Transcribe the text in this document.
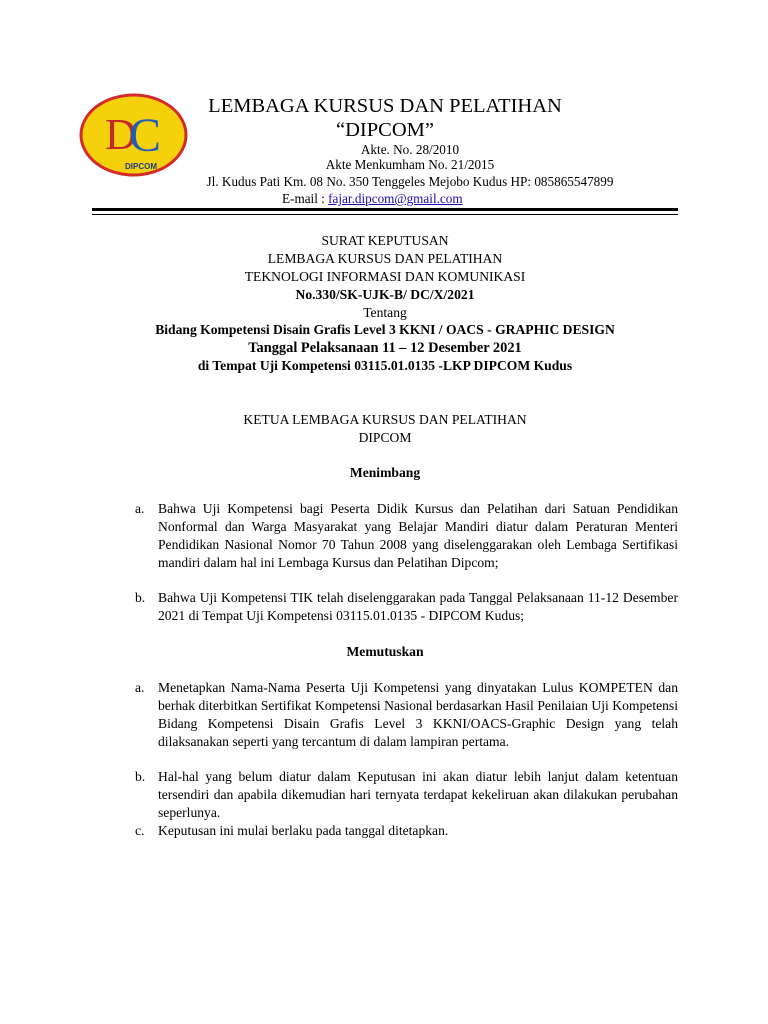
D
C
DIPCOM
LEMBAGA KURSUS DAN PELATIHAN
“DIPCOM”
Akte. No. 28/2010
Akte Menkumham No. 21/2015
Jl. Kudus Pati Km. 08 No. 350 Tenggeles Mejobo Kudus HP: 085865547899
E-mail : fajar.dipcom@gmail.com
SURAT KEPUTUSAN
LEMBAGA KURSUS DAN PELATIHAN
TEKNOLOGI INFORMASI DAN KOMUNIKASI
No.330/SK-UJK-B/ DC/X/2021
Tentang
Bidang Kompetensi Disain Grafis Level 3 KKNI / OACS - GRAPHIC DESIGN
Tanggal Pelaksanaan 11 – 12 Desember 2021
di Tempat Uji Kompetensi 03115.01.0135 -LKP DIPCOM Kudus
KETUA LEMBAGA KURSUS DAN PELATIHAN
DIPCOM
Menimbang
a. Bahwa Uji Kompetensi bagi Peserta Didik Kursus dan Pelatihan dari Satuan Pendidikan Nonformal dan Warga Masyarakat yang Belajar Mandiri diatur dalam Peraturan Menteri Pendidikan Nasional Nomor 70 Tahun 2008 yang diselenggarakan oleh Lembaga Sertifikasi mandiri dalam hal ini Lembaga Kursus dan Pelatihan Dipcom;
b. Bahwa Uji Kompetensi TIK telah diselenggarakan pada Tanggal Pelaksanaan 11-12 Desember 2021 di Tempat Uji Kompetensi 03115.01.0135 - DIPCOM Kudus;
Memutuskan
a. Menetapkan Nama-Nama Peserta Uji Kompetensi yang dinyatakan Lulus KOMPETEN dan berhak diterbitkan Sertifikat Kompetensi Nasional berdasarkan Hasil Penilaian Uji Kompetensi Bidang Kompetensi Disain Grafis Level 3 KKNI/OACS-Graphic Design yang telah dilaksanakan seperti yang tercantum di dalam lampiran pertama.
b. Hal-hal yang belum diatur dalam Keputusan ini akan diatur lebih lanjut dalam ketentuan tersendiri dan apabila dikemudian hari ternyata terdapat kekeliruan akan dilakukan perubahan seperlunya.
c. Keputusan ini mulai berlaku pada tanggal ditetapkan.
